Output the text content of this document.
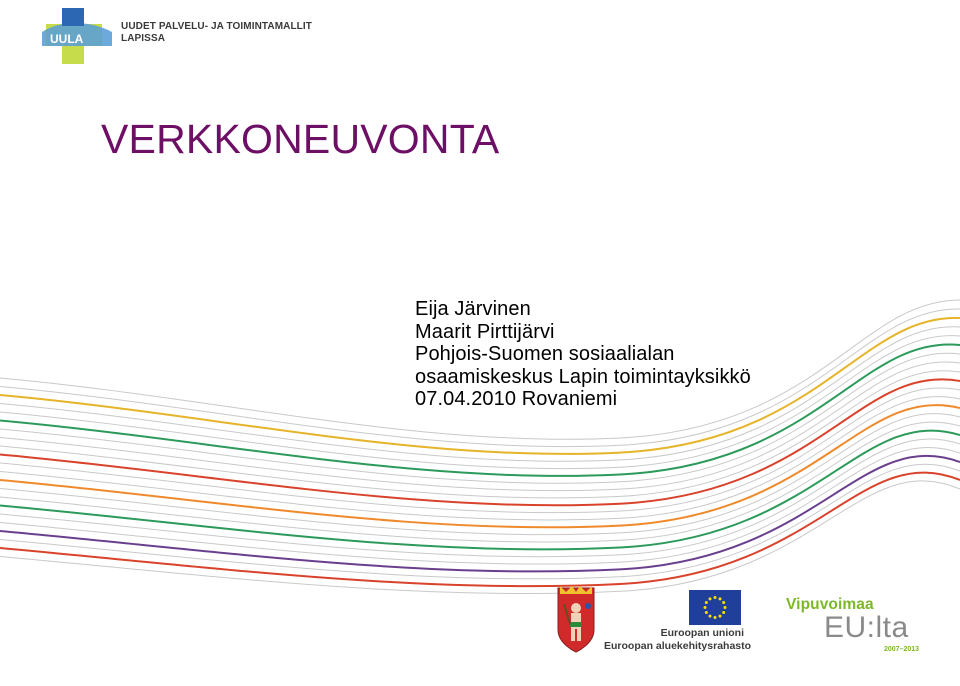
UULA
UUDET PALVELU- JA TOIMINTAMALLIT
LAPISSA
VERKKONEUVONTA
Eija Järvinen
Maarit Pirttijärvi
Pohjois-Suomen sosiaalialan
osaamiskeskus Lapin toimintayksikkö
07.04.2010 Rovaniemi
Euroopan unioni
Euroopan aluekehitysrahasto
Vipuvoimaa
EU:lta
2007–2013
